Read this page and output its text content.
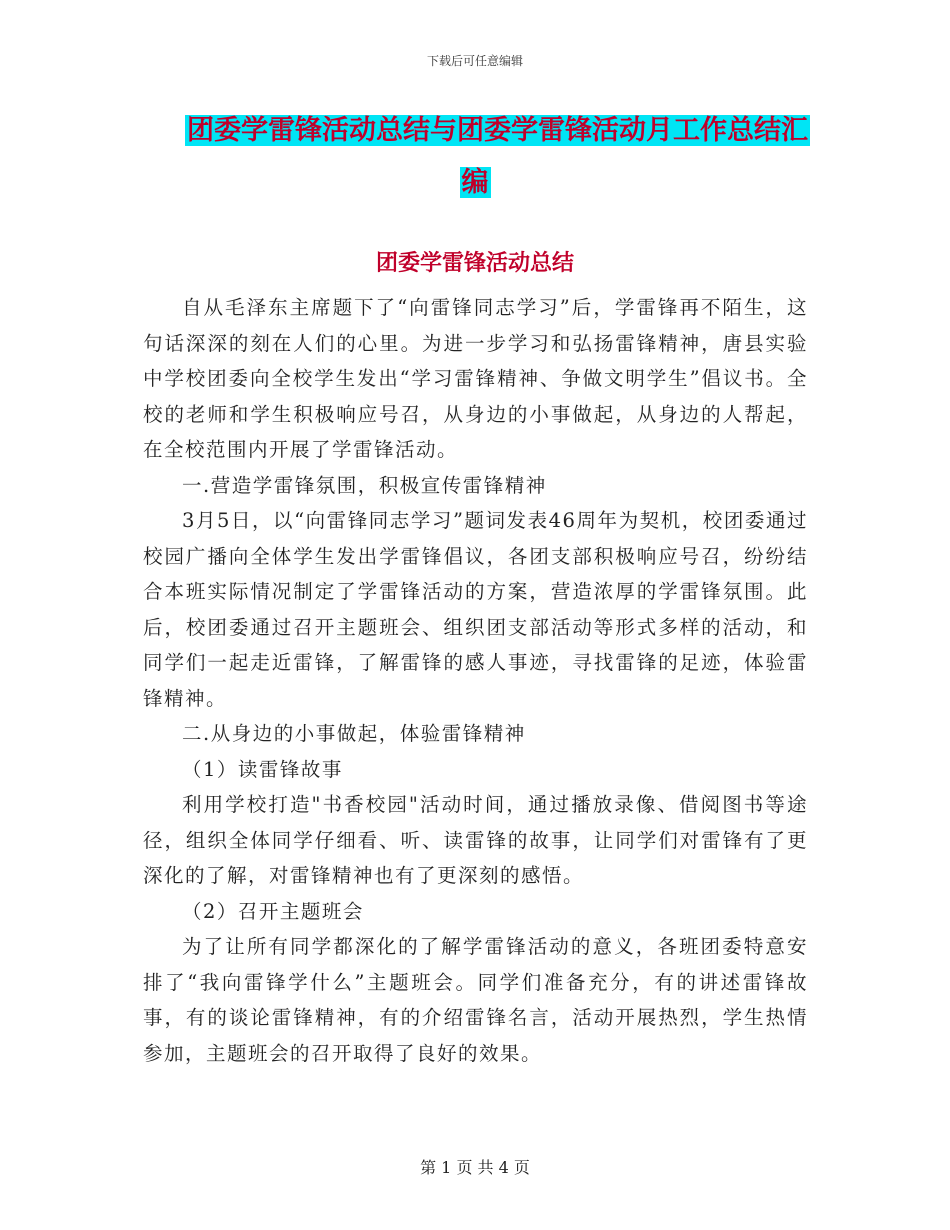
下载后可任意编辑
团委学雷锋活动总结与团委学雷锋活动月工作总结汇
编
团委学雷锋活动总结

自从毛泽东主席题下了“向雷锋同志学习”后，学雷锋再不陌生，这句话深深的刻在人们的心里。为进一步学习和弘扬雷锋精神，唐县实验中学校团委向全校学生发出“学习雷锋精神、争做文明学生”倡议书。全校的老师和学生积极响应号召，从身边的小事做起，从身边的人帮起，在全校范围内开展了学雷锋活动。

一.营造学雷锋氛围，积极宣传雷锋精神

3月5日，以“向雷锋同志学习”题词发表46周年为契机，校团委通过校园广播向全体学生发出学雷锋倡议，各团支部积极响应号召，纷纷结合本班实际情况制定了学雷锋活动的方案，营造浓厚的学雷锋氛围。此后，校团委通过召开主题班会、组织团支部活动等形式多样的活动，和同学们一起走近雷锋，了解雷锋的感人事迹，寻找雷锋的足迹，体验雷锋精神。

二.从身边的小事做起，体验雷锋精神

（1）读雷锋故事

利用学校打造"书香校园"活动时间，通过播放录像、借阅图书等途径，组织全体同学仔细看、听、读雷锋的故事，让同学们对雷锋有了更深化的了解，对雷锋精神也有了更深刻的感悟。

（2）召开主题班会

为了让所有同学都深化的了解学雷锋活动的意义，各班团委特意安排了“我向雷锋学什么”主题班会。同学们准备充分，有的讲述雷锋故事，有的谈论雷锋精神，有的介绍雷锋名言，活动开展热烈，学生热情参加，主题班会的召开取得了良好的效果。

第 1 页 共 4 页
